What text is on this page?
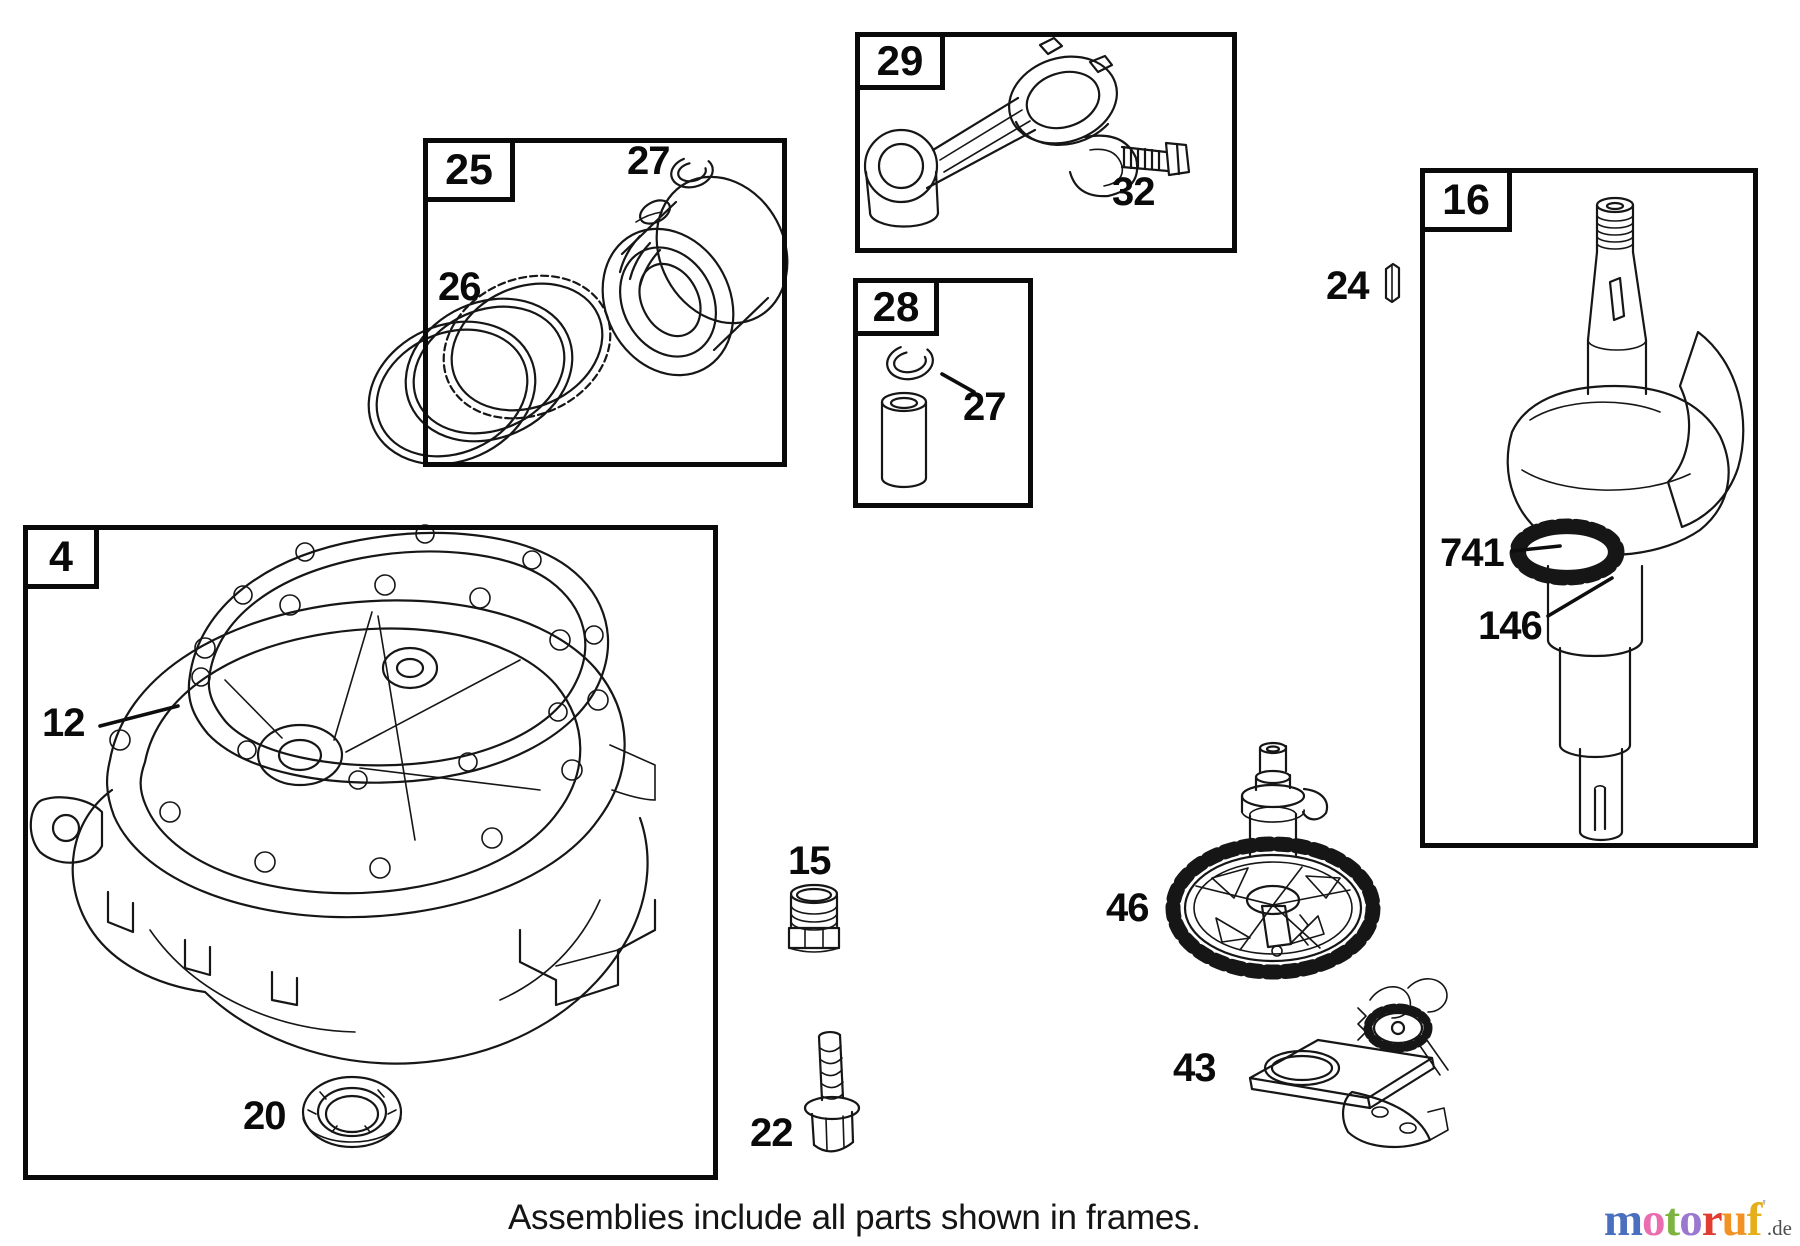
25
29
28
16
4
27
26
32
27
24
741
146
12
20
15
22
46
43
Assemblies include all parts shown in frames.	motoruf'.de
